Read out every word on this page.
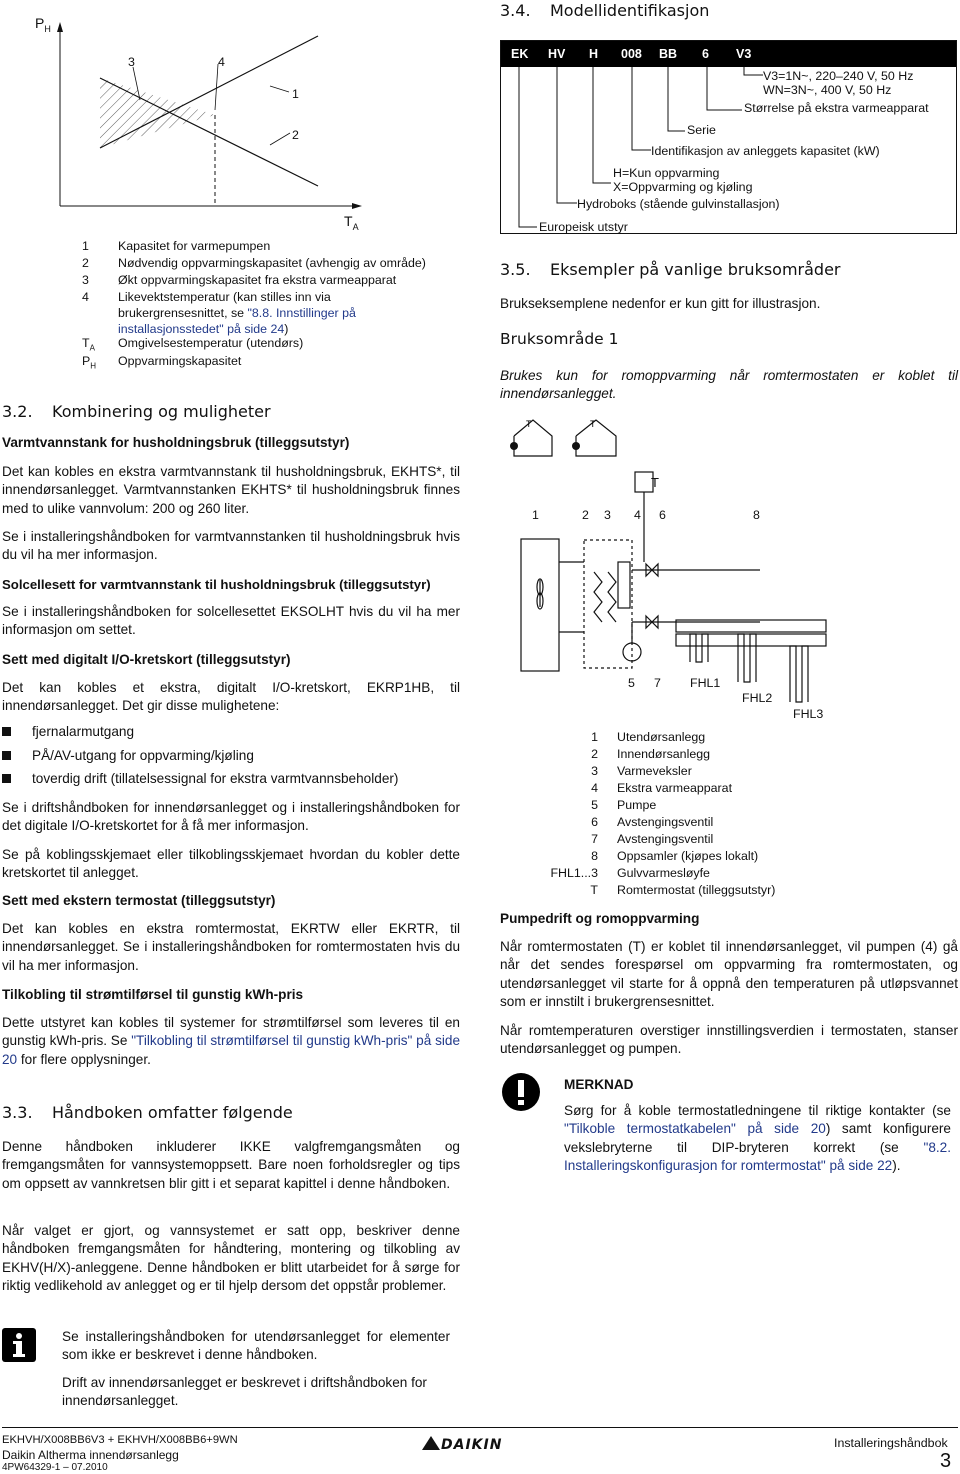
$P_H$
$T_A$
3	4
1
2
1	Kapasitet for varmepumpen
2	Nødvendig oppvarmingskapasitet (avhengig av område)
3	Økt oppvarmingskapasitet fra ekstra varmeapparat
4	Likevektstemperatur (kan stilles inn via brukergrensesnittet, se "8.8. Innstillinger på installasjonsstedet" på side 24)
$T_A$	Omgivelsestemperatur (utendørs)
$P_H$	Oppvarmingskapasitet
3.2. Kombinering og muligheter
Varmtvannstank for husholdningsbruk (tilleggsutstyr)
Det kan kobles en ekstra varmtvannstank til husholdningsbruk, EKHTS*, til innendørsanlegget. Varmtvannstanken EKHTS* til husholdningsbruk finnes med to ulike vannvolum: 200 og 260 liter.
Se i installeringshåndboken for varmtvannstanken til husholdningsbruk hvis du vil ha mer informasjon.
Solcellesett for varmtvannstank til husholdningsbruk (tilleggsutstyr)
Se i installeringshåndboken for solcellesettet EKSOLHT hvis du vil ha mer informasjon om settet.
Sett med digitalt I/O-kretskort (tilleggsutstyr)
Det kan kobles et ekstra, digitalt I/O-kretskort, EKRP1HB, til innendørsanlegget. Det gir disse mulighetene:
fjernalarmutgang
PÅ/AV-utgang for oppvarming/kjøling
toverdig drift (tillatelsessignal for ekstra varmtvannsbeholder)
Se i driftshåndboken for innendørsanlegget og i installeringshåndboken for det digitale I/O-kretskortet for å få mer informasjon.
Se på koblingsskjemaet eller tilkoblingsskjemaet hvordan du kobler dette kretskortet til anlegget.
Sett med ekstern termostat (tilleggsutstyr)
Det kan kobles en ekstra romtermostat, EKRTW eller EKRTR, til innendørsanlegget. Se i installeringshåndboken for romtermostaten hvis du vil ha mer informasjon.
Tilkobling til strømtilførsel til gunstig kWh-pris
Dette utstyret kan kobles til systemer for strømtilførsel som leveres til en gunstig kWh-pris. Se "Tilkobling til strømtilførsel til gunstig kWh-pris" på side 20 for flere opplysninger.
3.3. Håndboken omfatter følgende
Denne håndboken inkluderer IKKE valgfremgangsmåten og fremgangsmåten for vannsystemoppsett. Bare noen forholdsregler og tips om oppsett av vannkretsen blir gitt i et separat kapittel i denne håndboken.
Når valget er gjort, og vannsystemet er satt opp, beskriver denne håndboken fremgangsmåten for håndtering, montering og tilkobling av EKHV(H/X)-anleggene. Denne håndboken er blitt utarbeidet for å sørge for riktig vedlikehold av anlegget og er til hjelp dersom det oppstår problemer.
Se installeringshåndboken for utendørsanlegget for elementer som ikke er beskrevet i denne håndboken.
Drift av innendørsanlegget er beskrevet i driftshåndboken for innendørsanlegget.
3.4. Modellidentifikasjon
EK HV H 008 BB 6 V3
V3=1N~, 220–240 V, 50 Hz
WN=3N~, 400 V, 50 Hz
Størrelse på ekstra varmeapparat
Serie
Identifikasjon av anleggets kapasitet (kW)
H=Kun oppvarming
X=Oppvarming og kjøling
Hydroboks (stående gulvinstallasjon)
Europeisk utstyr
3.5. Eksempler på vanlige bruksområder
Brukseksemplene nedenfor er kun gitt for illustrasjon.
Bruksområde 1
Brukes kun for romoppvarming når romtermostaten er koblet til innendørsanlegget.
T	T
1	2 3 4 6	8
T
5 7 FHL1
FHL2
FHL3
1 Utendørsanlegg
2 Innendørsanlegg
3 Varmeveksler
4 Ekstra varmeapparat
5 Pumpe
6 Avstengingsventil
7 Avstengingsventil
8 Oppsamler (kjøpes lokalt)
FHL1...3 Gulvvarmesløyfe
T Romtermostat (tilleggsutstyr)
Pumpedrift og romoppvarming
Når romtermostaten (T) er koblet til innendørsanlegget, vil pumpen (4) gå når det sendes forespørsel om oppvarming fra romtermostaten, og utendørsanlegget vil starte for å oppnå den temperaturen på utløpsvannet som er innstilt i brukergrensesnittet.
Når romtemperaturen overstiger innstillingsverdien i termostaten, stanser utendørsanlegget og pumpen.
MERKNAD
Sørg for å koble termostatledningene til riktige kontakter (se "Tilkoble termostatkabelen" på side 20) samt konfigurere vekslebryterne til DIP-bryteren korrekt (se "8.2. Installeringskonfigurasjon for romtermostat" på side 22).
EKHVH/X008BB6V3 + EKHVH/X008BB6+9WN
Daikin Altherma innendørsanlegg
4PW64329-1 – 07.2010
DAIKIN	Installeringshåndbok
3
